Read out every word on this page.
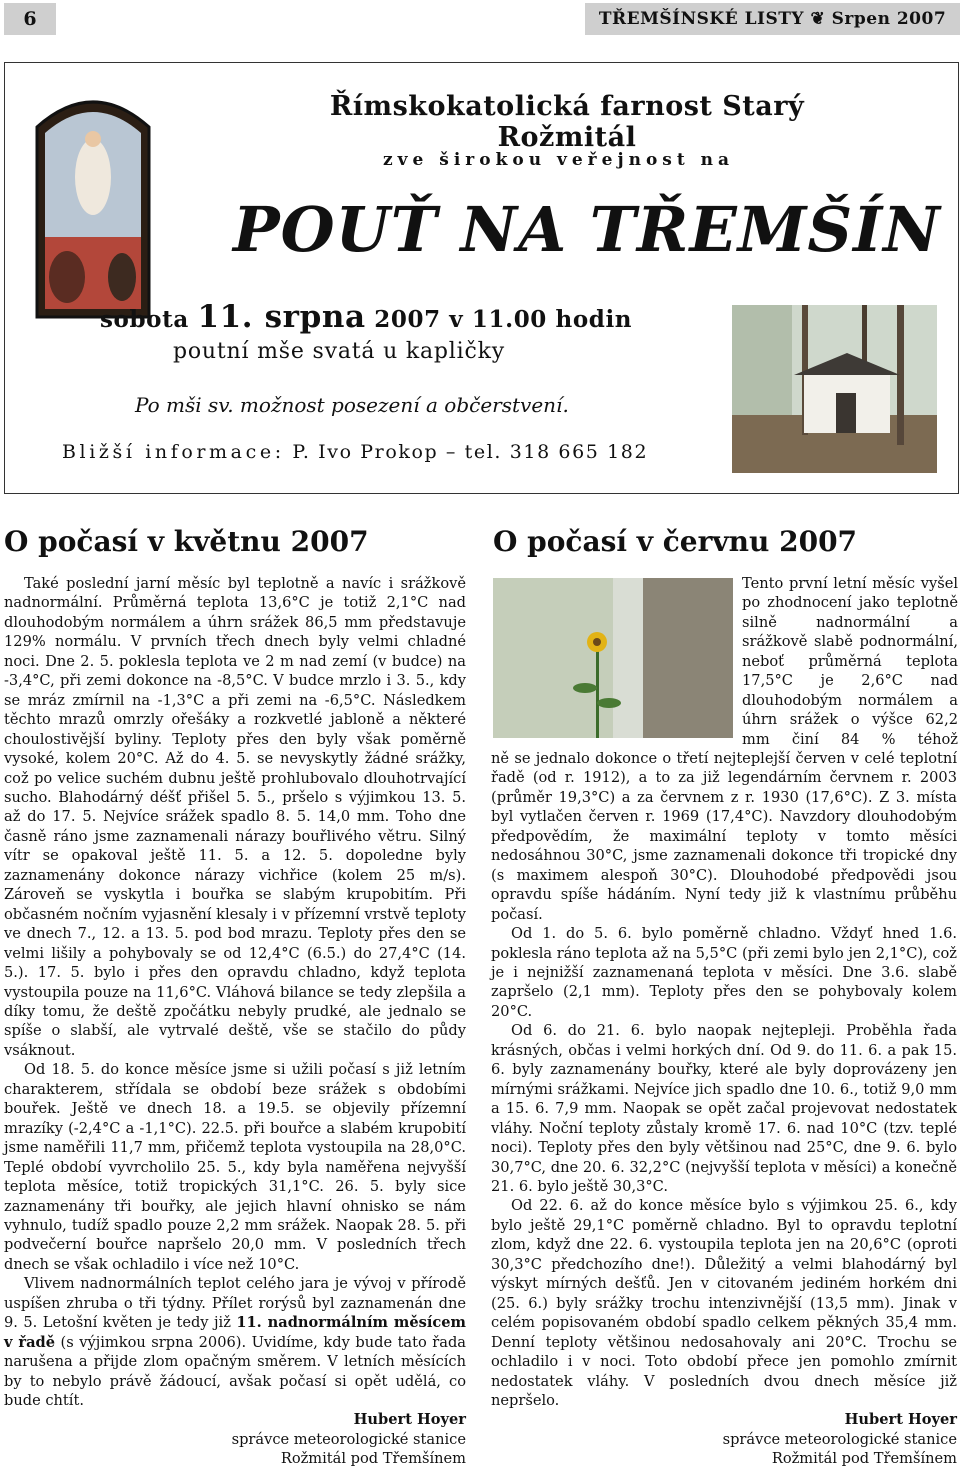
6	TŘEMŠÍNSKÉ LISTY ❦ Srpen 2007
Římskokatolická farnost Starý Rožmitál
zve širokou veřejnost na
POUŤ NA TŘEMŠÍN
sobota 11. srpna 2007 v 11.00 hodin
poutní mše svatá u kapličky
Po mši sv. možnost posezení a občerstvení.
Bližší informace: P. Ivo Prokop – tel. 318 665 182
O počasí v květnu 2007	O počasí v červnu 2007

Také poslední jarní měsíc byl teplotně a navíc i srážkově nadnormální. Průměrná teplota 13,6°C je totiž 2,1°C nad dlouhodobým normálem a úhrn srážek 86,5 mm představuje 129% normálu. V prvních třech dnech byly velmi chladné noci. Dne 2. 5. poklesla teplota ve 2 m nad zemí (v budce) na -3,4°C, při zemi dokonce na -8,5°C. V budce mrzlo i 3. 5., kdy se mráz zmírnil na -1,3°C a při zemi na -6,5°C. Následkem těchto mrazů omrzly ořešáky a rozkvetlé jabloně a některé choulostivější byliny. Teploty přes den byly však poměrně vysoké, kolem 20°C. Až do 4. 5. se nevyskytly žádné srážky, což po velice suchém dubnu ještě prohlubovalo dlouhotrvající sucho. Blahodárný déšť přišel 5. 5., pršelo s výjimkou 13. 5. až do 17. 5. Nejvíce srážek spadlo 8. 5. 14,0 mm. Toho dne časně ráno jsme zaznamenali nárazy bouřlivého větru. Silný vítr se opakoval ještě 11. 5. a 12. 5. dopoledne byly zaznamenány dokonce nárazy vichřice (kolem 25 m/s). Zároveň se vyskytla i bouřka se slabým krupobitím. Při občasném nočním vyjasnění klesaly i v přízemní vrstvě teploty ve dnech 7., 12. a 13. 5. pod bod mrazu. Teploty přes den se velmi lišily a pohybovaly se od 12,4°C (6.5.) do 27,4°C (14. 5.). 17. 5. bylo i přes den opravdu chladno, když teplota vystoupila pouze na 11,6°C. Vláhová bilance se tedy zlepšila a díky tomu, že deště zpočátku nebyly prudké, ale jednalo se spíše o slabší, ale vytrvalé deště, vše se stačilo do půdy vsáknout.

Od 18. 5. do konce měsíce jsme si užili počasí s již letním charakterem, střídala se období beze srážek s obdobími bouřek. Ještě ve dnech 18. a 19.5. se objevily přízemní mrazíky (-2,4°C a -1,1°C). 22.5. při bouřce a slabém krupobití jsme naměřili 11,7 mm, přičemž teplota vystoupila na 28,0°C. Teplé období vyvrcholilo 25. 5., kdy byla naměřena nejvyšší teplota měsíce, totiž tropických 31,1°C. 26. 5. byly sice zaznamenány tři bouřky, ale jejich hlavní ohnisko se nám vyhnulo, tudíž spadlo pouze 2,2 mm srážek. Naopak 28. 5. při podvečerní bouřce napršelo 20,0 mm. V posledních třech dnech se však ochladilo i více než 10°C.

Vlivem nadnormálních teplot celého jara je vývoj v přírodě uspíšen zhruba o tři týdny. Přílet rorýsů byl zaznamenán dne 9. 5. Letošní květen je tedy již 11. nadnormálním měsícem v řadě (s výjimkou srpna 2006). Uvidíme, kdy bude tato řada narušena a přijde zlom opačným směrem. V letních měsících by to nebylo právě žádoucí, avšak počasí si opět udělá, co bude chtít.

Hubert Hoyer

správce meteorologické stanice

Rožmitál pod Třemšínem

Tento první letní měsíc vyšel po zhodnocení jako teplotně silně nadnormální a srážkově slabě podnormální, neboť průměrná teplota 17,5°C je 2,6°C nad dlouhodobým normálem a úhrn srážek o výšce 62,2 mm činí 84 % téhož

ně se jednalo dokonce o třetí nejteplejší červen v celé teplotní řadě (od r. 1912), a to za již legendárním červnem r. 2003 (průměr 19,3°C) a za červnem z r. 1930 (17,6°C). Z 3. místa byl vytlačen červen r. 1969 (17,4°C). Navzdory dlouhodobým předpovědím, že maximální teploty v tomto měsíci nedosáhnou 30°C, jsme zaznamenali dokonce tři tropické dny (s maximem alespoň 30°C). Dlouhodobé předpovědi jsou opravdu spíše hádáním. Nyní tedy již k vlastnímu průběhu počasí.

Od 1. do 5. 6. bylo poměrně chladno. Vždyť hned 1.6. poklesla ráno teplota až na 5,5°C (při zemi bylo jen 2,1°C), což je i nejnižší zaznamenaná teplota v měsíci. Dne 3.6. slabě zapršelo (2,1 mm). Teploty přes den se pohybovaly kolem 20°C.

Od 6. do 21. 6. bylo naopak nejtepleji. Proběhla řada krásných, občas i velmi horkých dní. Od 9. do 11. 6. a pak 15. 6. byly zaznamenány bouřky, které ale byly doprovázeny jen mírnými srážkami. Nejvíce jich spadlo dne 10. 6., totiž 9,0 mm a 15. 6. 7,9 mm. Naopak se opět začal projevovat nedostatek vláhy. Noční teploty zůstaly kromě 17. 6. nad 10°C (tzv. teplé noci). Teploty přes den byly většinou nad 25°C, dne 9. 6. bylo 30,7°C, dne 20. 6. 32,2°C (nejvyšší teplota v měsíci) a konečně 21. 6. bylo ještě 30,3°C.

Od 22. 6. až do konce měsíce bylo s výjimkou 25. 6., kdy bylo ještě 29,1°C poměrně chladno. Byl to opravdu teplotní zlom, když dne 22. 6. vystoupila teplota jen na 20,6°C (oproti 30,3°C předchozího dne!). Důležitý a velmi blahodárný byl výskyt mírných dešťů. Jen v citovaném jediném horkém dni (25. 6.) byly srážky trochu intenzivnější (13,5 mm). Jinak v celém popisovaném období spadlo celkem pěkných 35,4 mm. Denní teploty většinou nedosahovaly ani 20°C. Trochu se ochladilo i v noci. Toto období přece jen pomohlo zmírnit nedostatek vláhy. V posledních dvou dnech měsíce již nepršelo.

Hubert Hoyer

správce meteorologické stanice

Rožmitál pod Třemšínem
